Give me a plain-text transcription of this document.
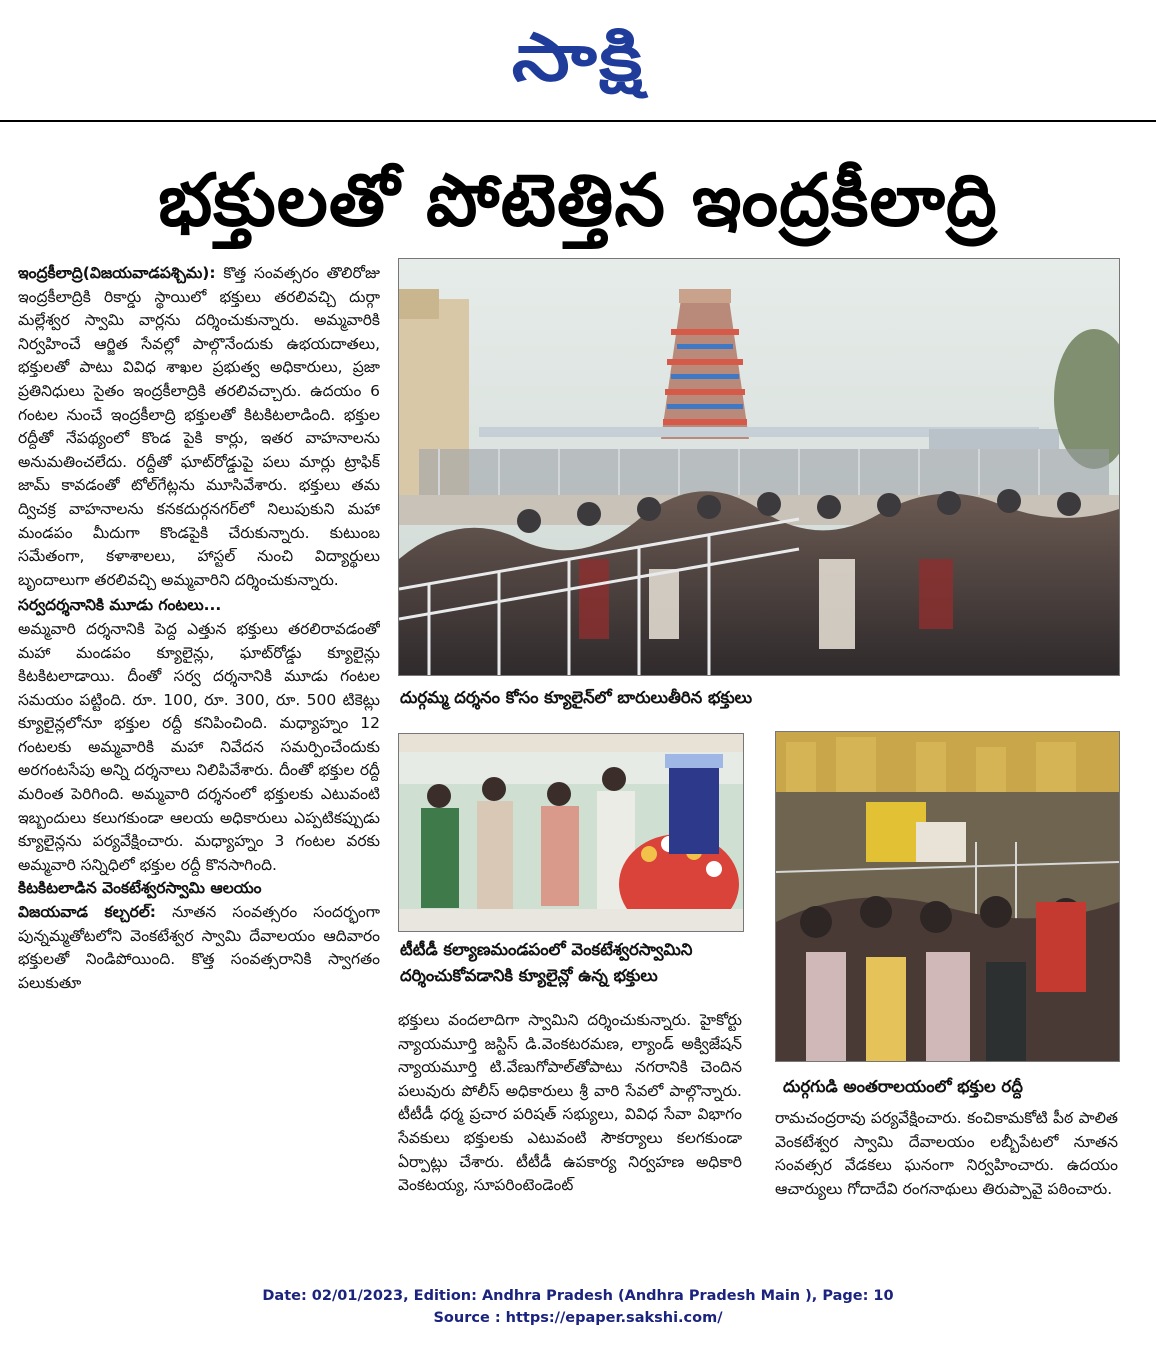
సాక్షి
భక్తులతో పోటెత్తిన ఇంద్రకీలాద్రి
ఇంద్రకీలాద్రి(విజయవాడపశ్చిమ): కొత్త సంవత్సరం తొలిరోజు ఇంద్రకీలాద్రికి రికార్డు స్థాయిలో భక్తులు తరలివచ్చి దుర్గా మల్లేశ్వర స్వామి వార్లను దర్శించుకున్నారు. అమ్మవారికి నిర్వహించే ఆర్జిత సేవల్లో పాల్గొనేందుకు ఉభయదాతలు, భక్తులతో పాటు వివిధ శాఖల ప్రభుత్వ అధికారులు, ప్రజా ప్రతినిధులు సైతం ఇంద్రకీలాద్రికి తరలివచ్చారు. ఉదయం 6 గంటల నుంచే ఇంద్రకీలాద్రి భక్తులతో కిటకిటలాడింది. భక్తుల రద్దీతో నేపథ్యంలో కొండ పైకి కార్లు, ఇతర వాహనాలను అనుమతించలేదు. రద్దీతో ఘాట్‌రోడ్డుపై పలు మార్లు ట్రాఫిక్ జామ్ కావడంతో టోల్‌గేట్లను మూసివేశారు. భక్తులు తమ ద్విచక్ర వాహనాలను కనకదుర్గనగర్‌లో నిలుపుకుని మహా మండపం మీదుగా కొండపైకి చేరుకున్నారు. కుటుంబ సమేతంగా, కళాశాలలు, హాస్టల్ నుంచి విద్యార్థులు బృందాలుగా తరలివచ్చి అమ్మవారిని దర్శించుకున్నారు.
సర్వదర్శనానికి మూడు గంటలు...
అమ్మవారి దర్శనానికి పెద్ద ఎత్తున భక్తులు తరలిరావడంతో మహా మండపం క్యూలైన్లు, ఘాట్‌రోడ్డు క్యూలైన్లు కిటకిటలాడాయి. దీంతో సర్వ దర్శనానికి మూడు గంటల సమయం పట్టింది. రూ. 100, రూ. 300, రూ. 500 టికెట్లు క్యూలైన్లలోనూ భక్తుల రద్దీ కనిపించింది. మధ్యాహ్నం 12 గంటలకు అమ్మవారికి మహా నివేదన సమర్పించేందుకు అరగంటసేపు అన్ని దర్శనాలు నిలిపివేశారు. దీంతో భక్తుల రద్దీ మరింత పెరిగింది. అమ్మవారి దర్శనంలో భక్తులకు ఎటువంటి ఇబ్బందులు కలుగకుండా ఆలయ అధికారులు ఎప్పటికప్పుడు క్యూలైన్లను పర్యవేక్షించారు. మధ్యాహ్నం 3 గంటల వరకు అమ్మవారి సన్నిధిలో భక్తుల రద్దీ కొనసాగింది.
కిటకిటలాడిన వెంకటేశ్వరస్వామి ఆలయం
విజయవాడ కల్చరల్: నూతన సంవత్సరం సందర్భంగా పున్నమ్మతోటలోని వెంకటేశ్వర స్వామి దేవాలయం ఆదివారం భక్తులతో నిండిపోయింది. కొత్త సంవత్సరానికి స్వాగతం పలుకుతూ
దుర్గమ్మ దర్శనం కోసం క్యూలైన్‌లో బారులుతీరిన భక్తులు
టీటీడీ కల్యాణమండపంలో వెంకటేశ్వరస్వామిని దర్శించుకోవడానికి క్యూలైన్లో ఉన్న భక్తులు
దుర్గగుడి అంతరాలయంలో భక్తుల రద్దీ
భక్తులు వందలాదిగా స్వామిని దర్శించుకున్నారు. హైకోర్టు న్యాయమూర్తి జస్టిస్ డి.వెంకటరమణ, ల్యాండ్ అక్విజేషన్ న్యాయమూర్తి టి.వేణుగోపాల్‌తోపాటు నగరానికి చెందిన పలువురు పోలీస్ అధికారులు శ్రీ వారి సేవలో పాల్గొన్నారు. టీటీడీ ధర్మ ప్రచార పరిషత్ సభ్యులు, వివిధ సేవా విభాగం సేవకులు భక్తులకు ఎటువంటి సౌకర్యాలు కలగకుండా ఏర్పాట్లు చేశారు. టీటీడీ ఉపకార్య నిర్వహణ అధికారి వెంకటయ్య, సూపరింటెండెంట్
రామచంద్రరావు పర్యవేక్షించారు. కంచికామకోటి పీఠ పాలిత వెంకటేశ్వర స్వామి దేవాలయం లబ్బీపేటలో నూతన సంవత్సర వేడకలు ఘనంగా నిర్వహించారు. ఉదయం ఆచార్యులు గోదాదేవి రంగనాథులు తిరుప్పావై పఠించారు.
Date: 02/01/2023, Edition: Andhra Pradesh (Andhra Pradesh Main ), Page: 10
Source : https://epaper.sakshi.com/
